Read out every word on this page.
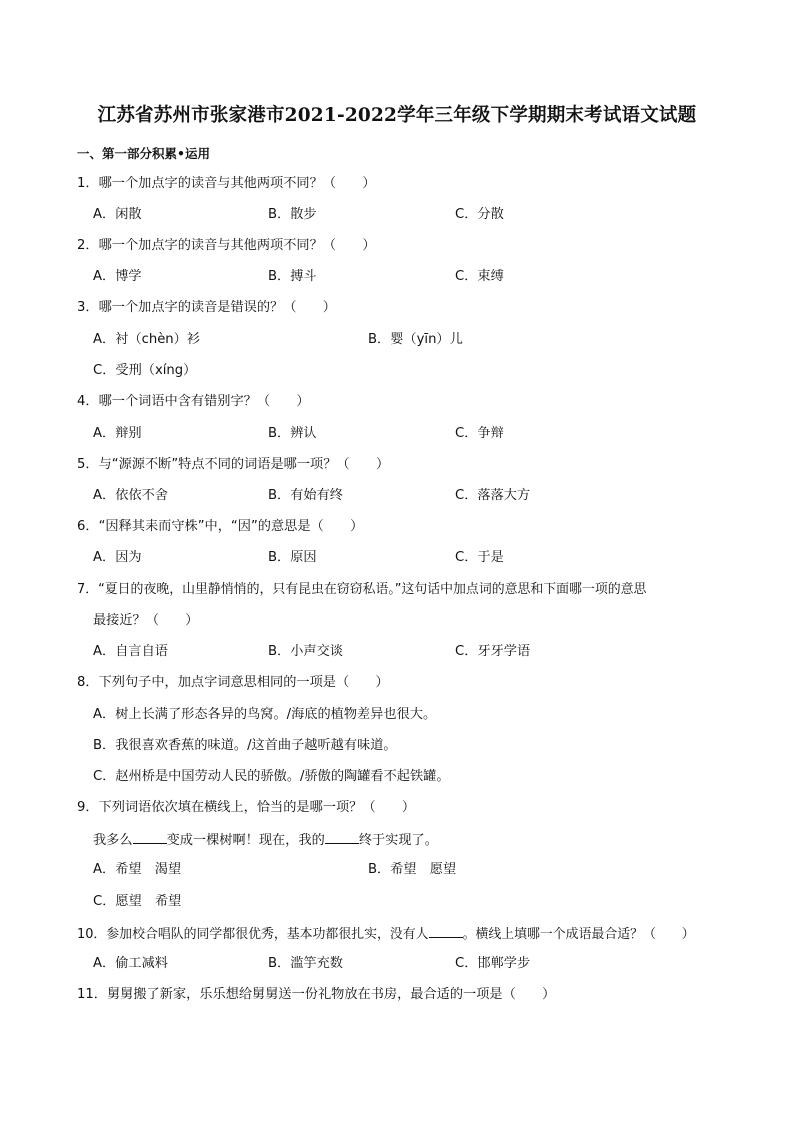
江苏省苏州市张家港市2021-2022学年三年级下学期期末考试语文试题
一、第一部分积累•运用
1．哪一个加点字的读音与其他两项不同？（　　）
A．闲散	B．散步	C．分散
2．哪一个加点字的读音与其他两项不同？（　　）
A．博学	B．搏斗	C．束缚
3．哪一个加点字的读音是错误的？（　　）
A．衬（chèn）衫	B．婴（yīn）儿
C．受刑（xíng）
4．哪一个词语中含有错别字？（　　）
A．辩别	B．辨认	C．争辩
5．与“源源不断”特点不同的词语是哪一项？（　　）
A．依依不舍	B．有始有终	C．落落大方
6．“因释其耒而守株”中，“因”的意思是（　　）
A．因为	B．原因	C．于是
7．“夏日的夜晚，山里静悄悄的，只有昆虫在窃窃私语。”这句话中加点词的意思和下面哪一项的意思
最接近？（　　）
A．自言自语	B．小声交谈	C．牙牙学语
8．下列句子中，加点字词意思相同的一项是（　　）
A．树上长满了形态各异的鸟窝。/海底的植物差异也很大。
B．我很喜欢香蕉的味道。/这首曲子越听越有味道。
C．赵州桥是中国劳动人民的骄傲。/骄傲的陶罐看不起铁罐。
9．下列词语依次填在横线上，恰当的是哪一项？（　　）
我多么	变成一棵树啊！现在，我的	终于实现了。
A．希望　渴望	B．希望　愿望
C．愿望　希望
10．参加校合唱队的同学都很优秀，基本功都很扎实，没有人	。横线上填哪一个成语最合适？（　　）
A．偷工减料	B．滥竽充数	C．邯郸学步
11．舅舅搬了新家，乐乐想给舅舅送一份礼物放在书房，最合适的一项是（　　）
